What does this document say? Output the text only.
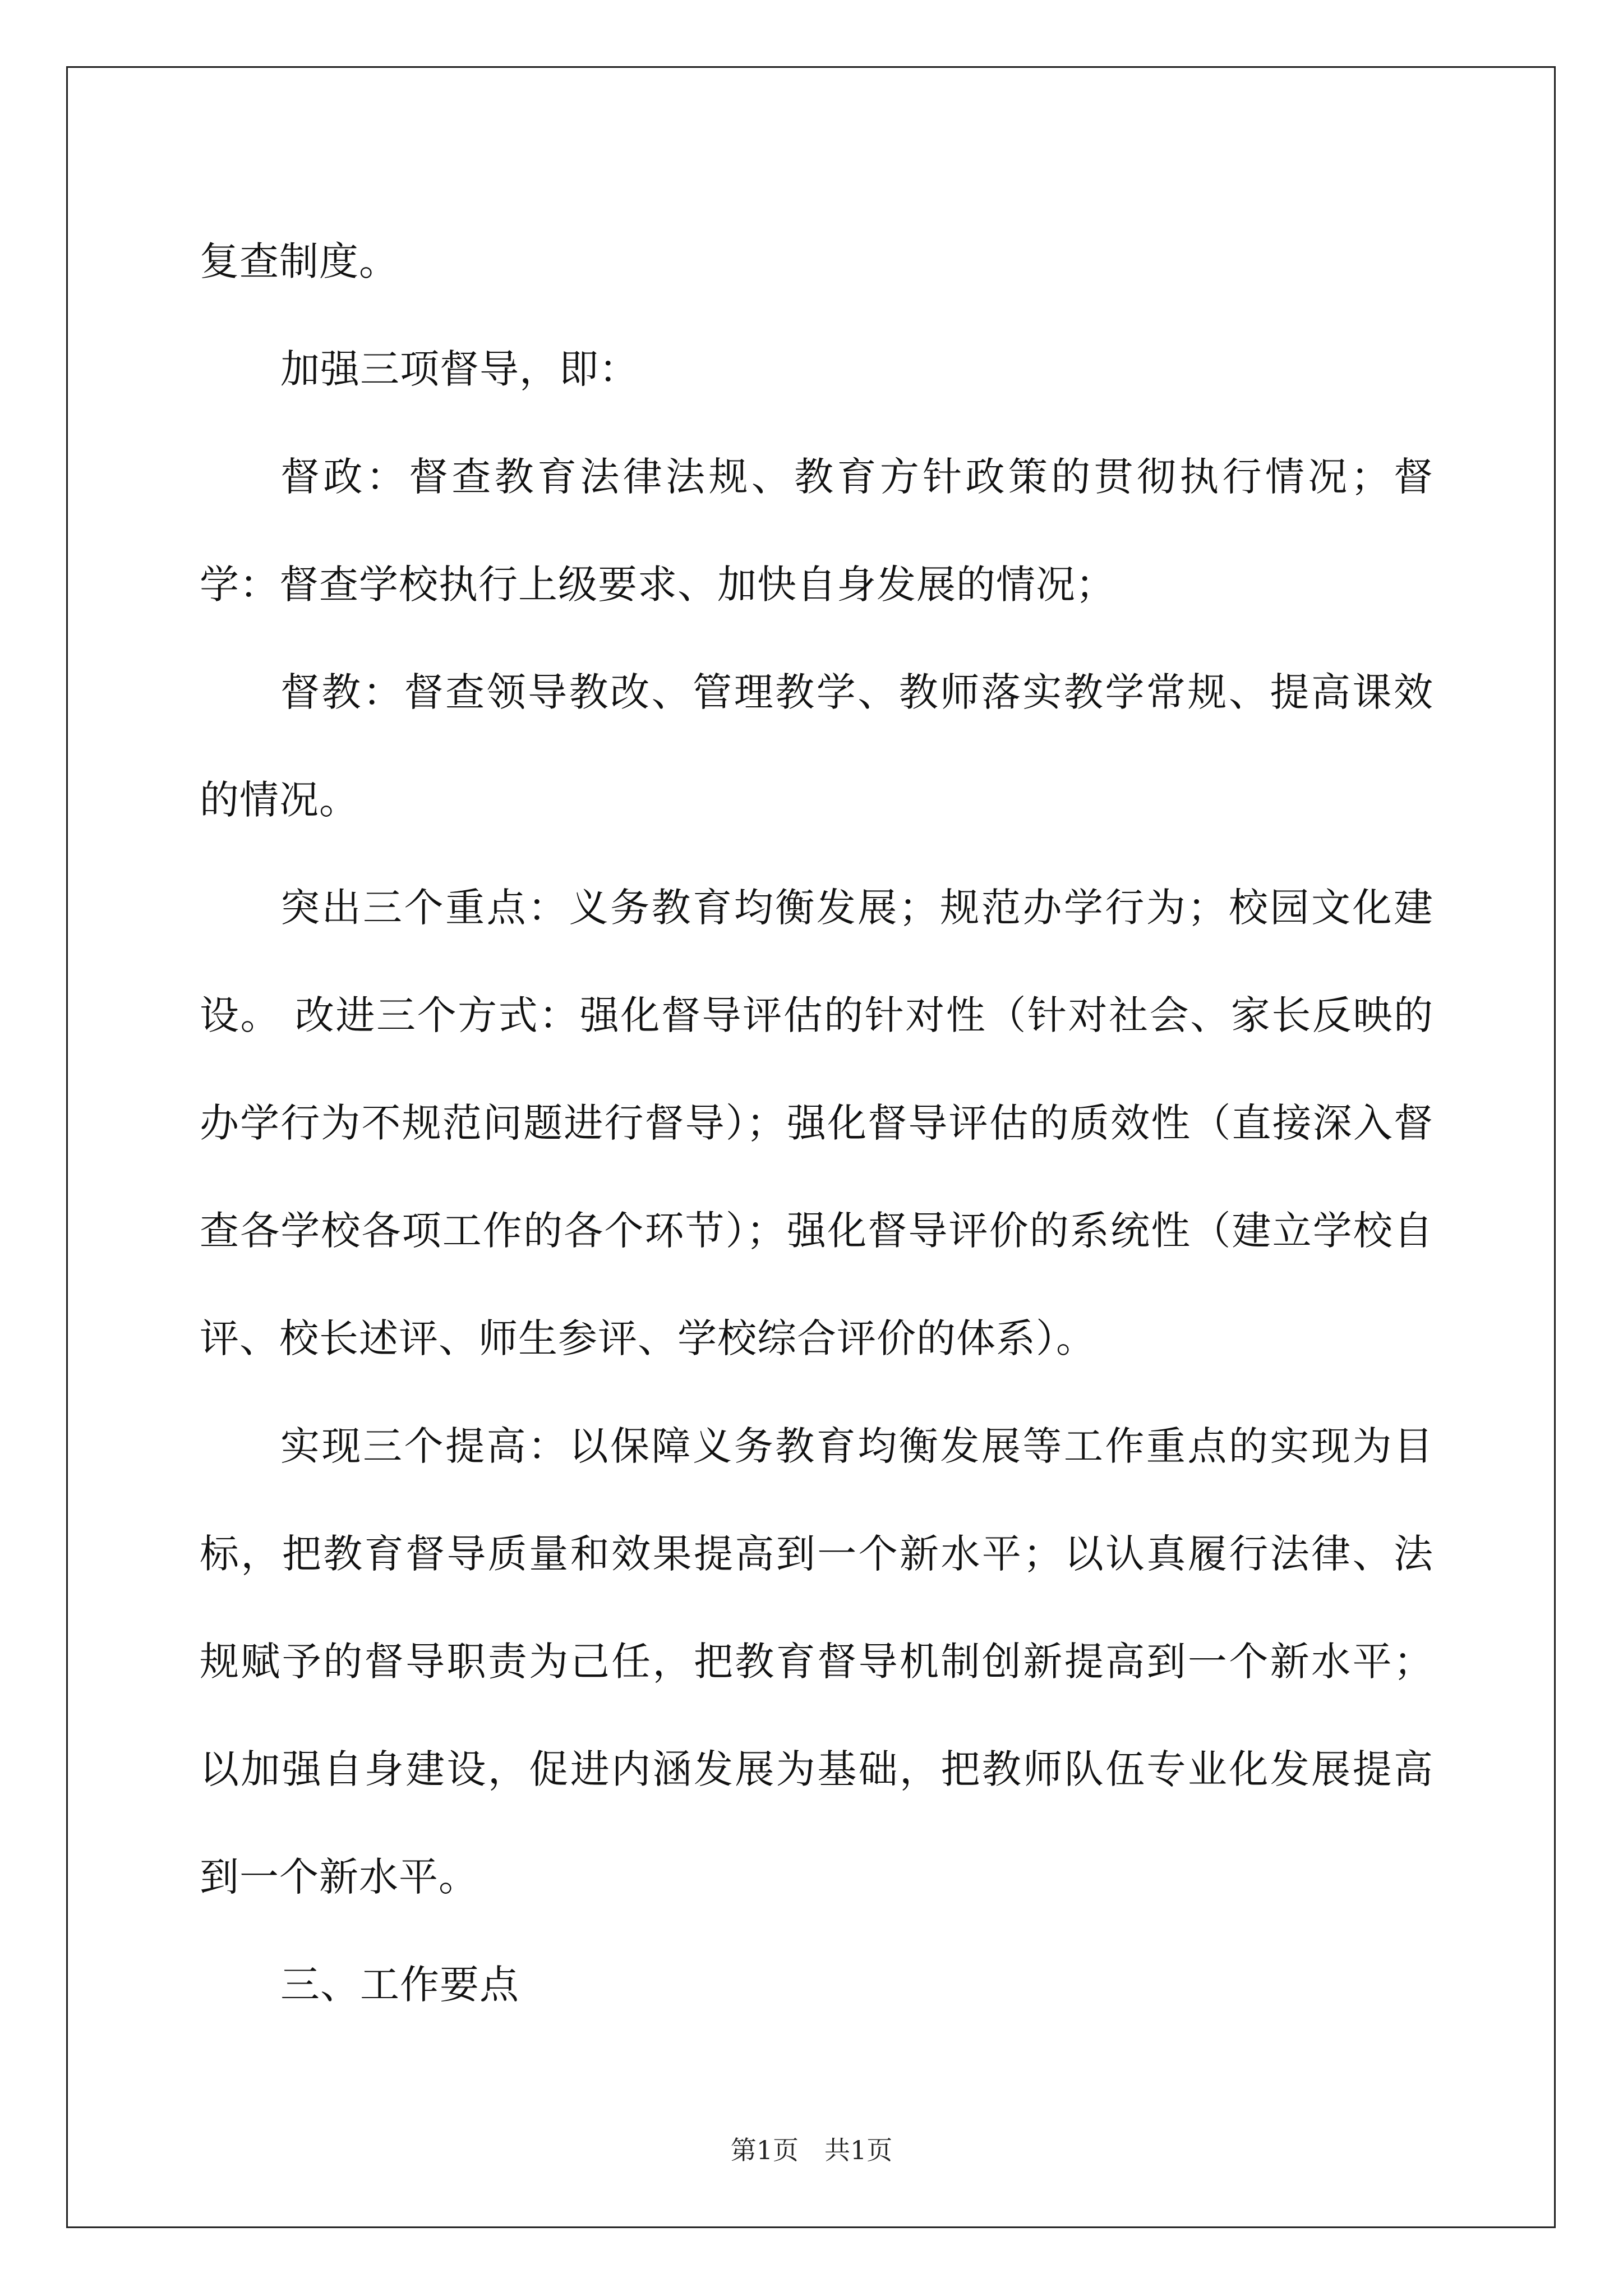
复查制度。

加强三项督导，即：

督政：督查教育法律法规、教育方针政策的贯彻执行情况；督学：督查学校执行上级要求、加快自身发展的情况；

督教：督查领导教改、管理教学、教师落实教学常规、提高课效的情况。

突出三个重点：义务教育均衡发展；规范办学行为；校园文化建设。 改进三个方式：强化督导评估的针对性（针对社会、家长反映的办学行为不规范问题进行督导）；强化督导评估的质效性（直接深入督查各学校各项工作的各个环节）；强化督导评价的系统性（建立学校自评、校长述评、师生参评、学校综合评价的体系）。

实现三个提高：以保障义务教育均衡发展等工作重点的实现为目标，把教育督导质量和效果提高到一个新水平；以认真履行法律、法规赋予的督导职责为己任，把教育督导机制创新提高到一个新水平；以加强自身建设，促进内涵发展为基础，把教师队伍专业化发展提高到一个新水平。

三、工作要点

第1页 共1页
